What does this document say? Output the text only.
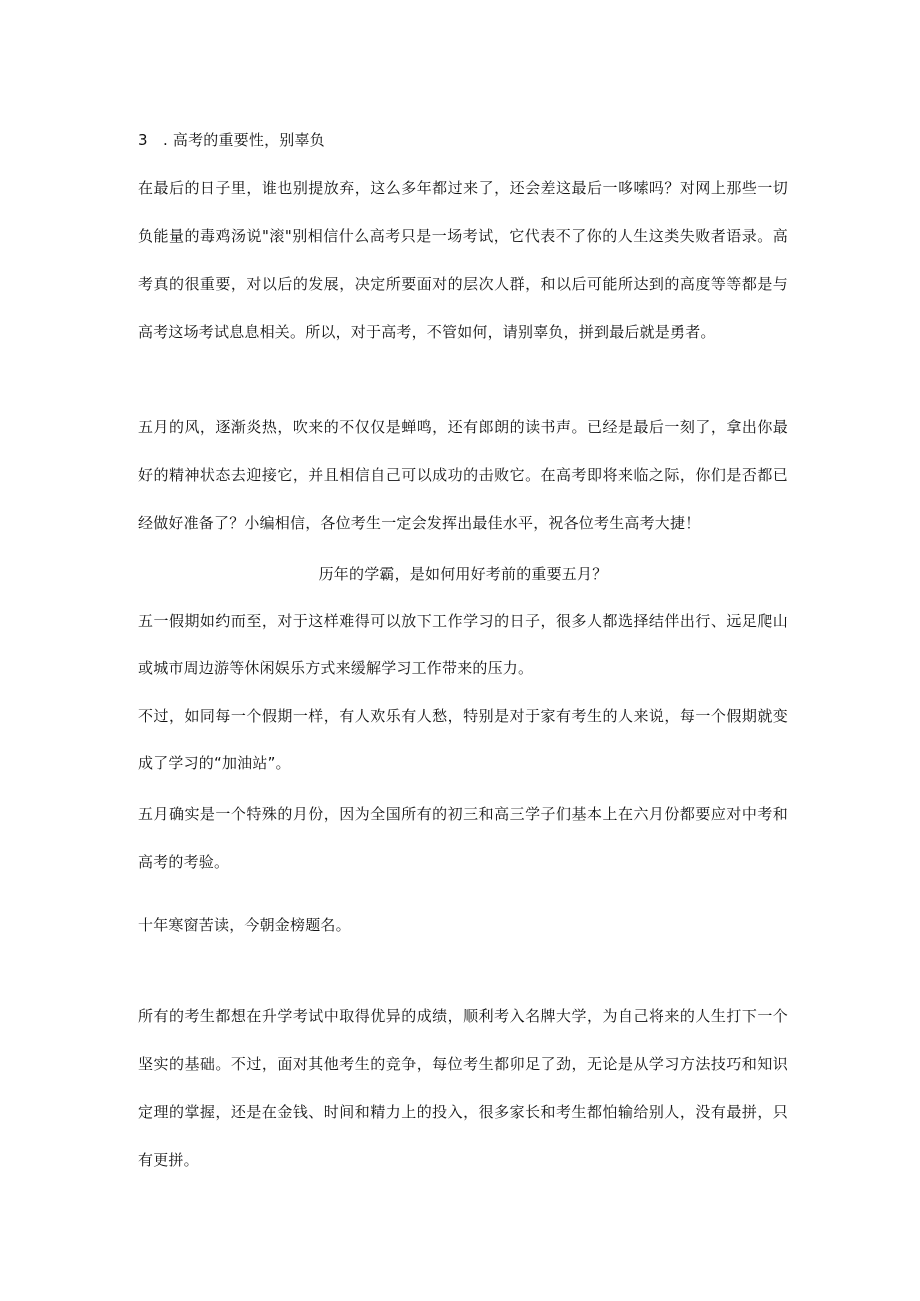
3　. 高考的重要性，别辜负

在最后的日子里，谁也别提放弃，这么多年都过来了，还会差这最后一哆嗦吗？对网上那些一切

负能量的毒鸡汤说"滚"别相信什么高考只是一场考试，它代表不了你的人生这类失败者语录。高

考真的很重要，对以后的发展，决定所要面对的层次人群，和以后可能所达到的高度等等都是与

高考这场考试息息相关。所以，对于高考，不管如何，请别辜负，拼到最后就是勇者。

五月的风，逐渐炎热，吹来的不仅仅是蝉鸣，还有郎朗的读书声。已经是最后一刻了，拿出你最

好的精神状态去迎接它，并且相信自己可以成功的击败它。在高考即将来临之际，你们是否都已

经做好准备了？小编相信，各位考生一定会发挥出最佳水平，祝各位考生高考大捷！

历年的学霸，是如何用好考前的重要五月？

五一假期如约而至，对于这样难得可以放下工作学习的日子，很多人都选择结伴出行、远足爬山

或城市周边游等休闲娱乐方式来缓解学习工作带来的压力。

不过，如同每一个假期一样，有人欢乐有人愁，特别是对于家有考生的人来说，每一个假期就变

成了学习的“加油站”。

五月确实是一个特殊的月份，因为全国所有的初三和高三学子们基本上在六月份都要应对中考和

高考的考验。

十年寒窗苦读，今朝金榜题名。

所有的考生都想在升学考试中取得优异的成绩，顺利考入名牌大学，为自己将来的人生打下一个

坚实的基础。不过，面对其他考生的竞争，每位考生都卯足了劲，无论是从学习方法技巧和知识

定理的掌握，还是在金钱、时间和精力上的投入，很多家长和考生都怕输给别人，没有最拼，只

有更拼。
